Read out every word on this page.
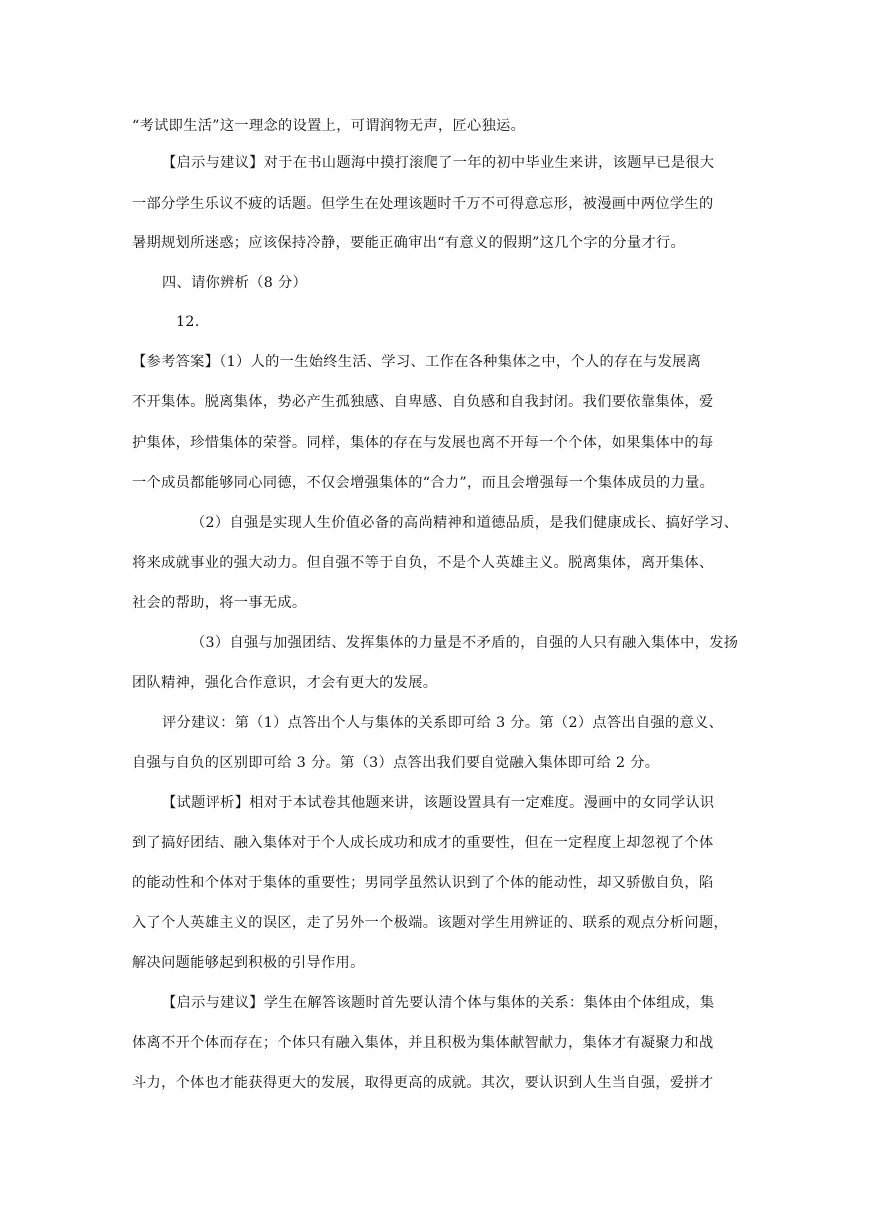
“考试即生活”这一理念的设置上，可谓润物无声，匠心独运。
【启示与建议】对于在书山题海中摸打滚爬了一年的初中毕业生来讲，该题早已是很大
一部分学生乐议不疲的话题。但学生在处理该题时千万不可得意忘形，被漫画中两位学生的
暑期规划所迷惑；应该保持冷静，要能正确审出“有意义的假期”这几个字的分量才行。
四、请你辨析（8 分）
12.
【参考答案】（1）人的一生始终生活、学习、工作在各种集体之中，个人的存在与发展离
不开集体。脱离集体，势必产生孤独感、自卑感、自负感和自我封闭。我们要依靠集体，爱
护集体，珍惜集体的荣誉。同样，集体的存在与发展也离不开每一个个体，如果集体中的每
一个成员都能够同心同德，不仅会增强集体的“合力”，而且会增强每一个集体成员的力量。
（2）自强是实现人生价值必备的高尚精神和道德品质，是我们健康成长、搞好学习、
将来成就事业的强大动力。但自强不等于自负，不是个人英雄主义。脱离集体，离开集体、
社会的帮助，将一事无成。
（3）自强与加强团结、发挥集体的力量是不矛盾的，自强的人只有融入集体中，发扬
团队精神，强化合作意识，才会有更大的发展。
评分建议：第（1）点答出个人与集体的关系即可给 3 分。第（2）点答出自强的意义、
自强与自负的区别即可给 3 分。第（3）点答出我们要自觉融入集体即可给 2 分。
【试题评析】相对于本试卷其他题来讲，该题设置具有一定难度。漫画中的女同学认识
到了搞好团结、融入集体对于个人成长成功和成才的重要性，但在一定程度上却忽视了个体
的能动性和个体对于集体的重要性；男同学虽然认识到了个体的能动性，却又骄傲自负，陷
入了个人英雄主义的误区，走了另外一个极端。该题对学生用辨证的、联系的观点分析问题，
解决问题能够起到积极的引导作用。
【启示与建议】学生在解答该题时首先要认清个体与集体的关系：集体由个体组成，集
体离不开个体而存在；个体只有融入集体，并且积极为集体献智献力，集体才有凝聚力和战
斗力，个体也才能获得更大的发展，取得更高的成就。其次，要认识到人生当自强，爱拼才
